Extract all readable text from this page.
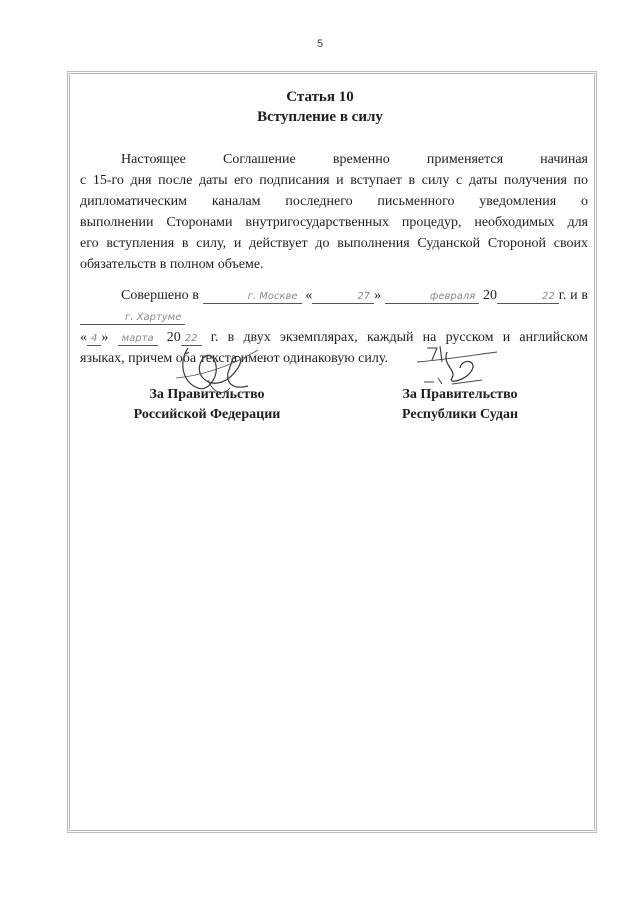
5
Статья 10
Вступление в силу

Настоящее Соглашение временно применяется начиная

с 15-го дня после даты его подписания и вступает в силу с даты получения по

дипломатическим каналам последнего письменного уведомления о

выполнении Сторонами внутригосударственных процедур, необходимых для

его вступления в силу, и действует до выполнения Судaнской Стороной своих

обязательств в полном объеме.

Совершено в	г. Москве «	27 »	февраля 20	22 г. и в г. Хартуме

« 4 » марта 20 22 г. в двух экземплярах, каждый на русском и английском

языках, причем оба текста имеют одинаковую силу.

За Правительство
Российской Федерации
За Правительство
Республики Судан
